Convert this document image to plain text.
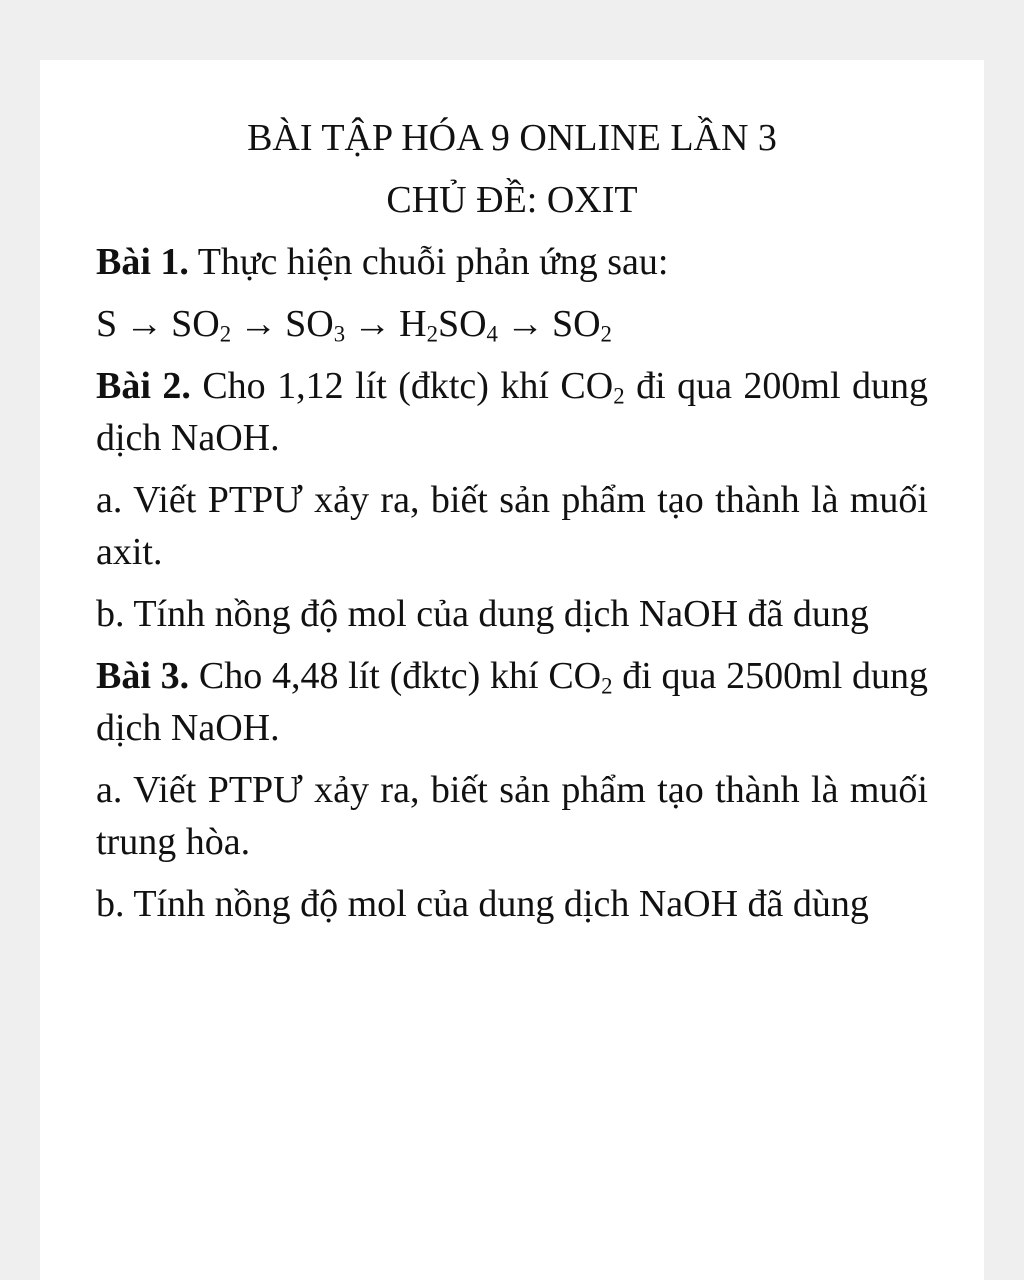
BÀI TẬP HÓA 9 ONLINE LẦN 3

CHỦ ĐỀ: OXIT

Bài 1. Thực hiện chuỗi phản ứng sau:

$S \to SO_2 \to SO_3 \to H_2SO_4 \to SO_2$

Bài 2. Cho 1,12 lít (đktc) khí $CO_2$ đi qua 200ml dung dịch NaOH.

a. Viết PTPƯ xảy ra, biết sản phẩm tạo thành là muối axit.

b. Tính nồng độ mol của dung dịch NaOH đã dung

Bài 3. Cho 4,48 lít (đktc) khí $CO_2$ đi qua 2500ml dung dịch NaOH.

a. Viết PTPƯ xảy ra, biết sản phẩm tạo thành là muối trung hòa.

b. Tính nồng độ mol của dung dịch NaOH đã dùng
